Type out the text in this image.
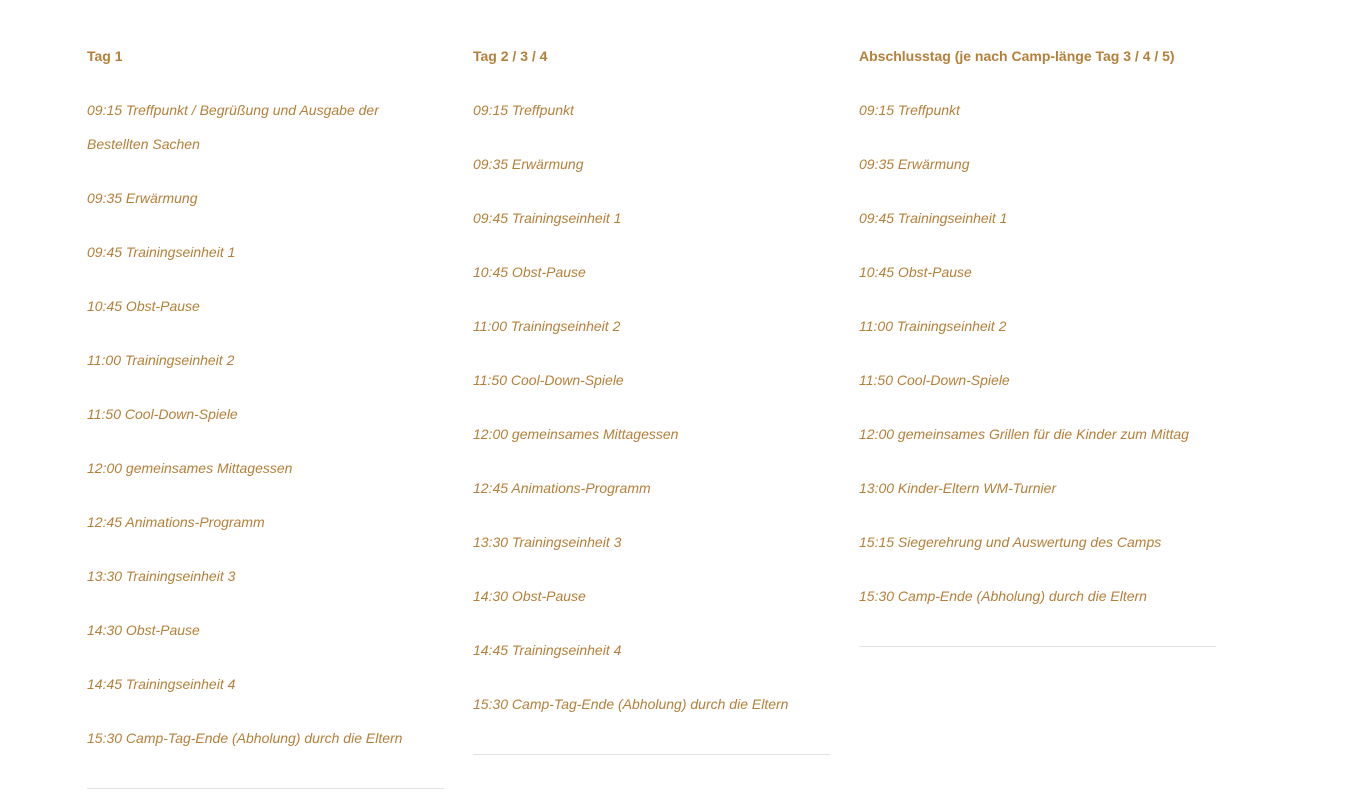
Tag 1
09:15 Treffpunkt / Begrüßung und Ausgabe der Bestellten Sachen
09:35 Erwärmung
09:45 Trainingseinheit 1
10:45 Obst-Pause
11:00 Trainingseinheit 2
11:50 Cool-Down-Spiele
12:00 gemeinsames Mittagessen
12:45 Animations-Programm
13:30 Trainingseinheit 3
14:30 Obst-Pause
14:45 Trainingseinheit 4
15:30 Camp-Tag-Ende (Abholung) durch die Eltern
Tag 2 / 3 / 4
09:15 Treffpunkt
09:35 Erwärmung
09:45 Trainingseinheit 1
10:45 Obst-Pause
11:00 Trainingseinheit 2
11:50 Cool-Down-Spiele
12:00 gemeinsames Mittagessen
12:45 Animations-Programm
13:30 Trainingseinheit 3
14:30 Obst-Pause
14:45 Trainingseinheit 4
15:30 Camp-Tag-Ende (Abholung) durch die Eltern
Abschlusstag (je nach Camp-länge Tag 3 / 4 / 5)
09:15 Treffpunkt
09:35 Erwärmung
09:45 Trainingseinheit 1
10:45 Obst-Pause
11:00 Trainingseinheit 2
11:50 Cool-Down-Spiele
12:00 gemeinsames Grillen für die Kinder zum Mittag
13:00 Kinder-Eltern WM-Turnier
15:15 Siegerehrung und Auswertung des Camps
15:30 Camp-Ende (Abholung) durch die Eltern
